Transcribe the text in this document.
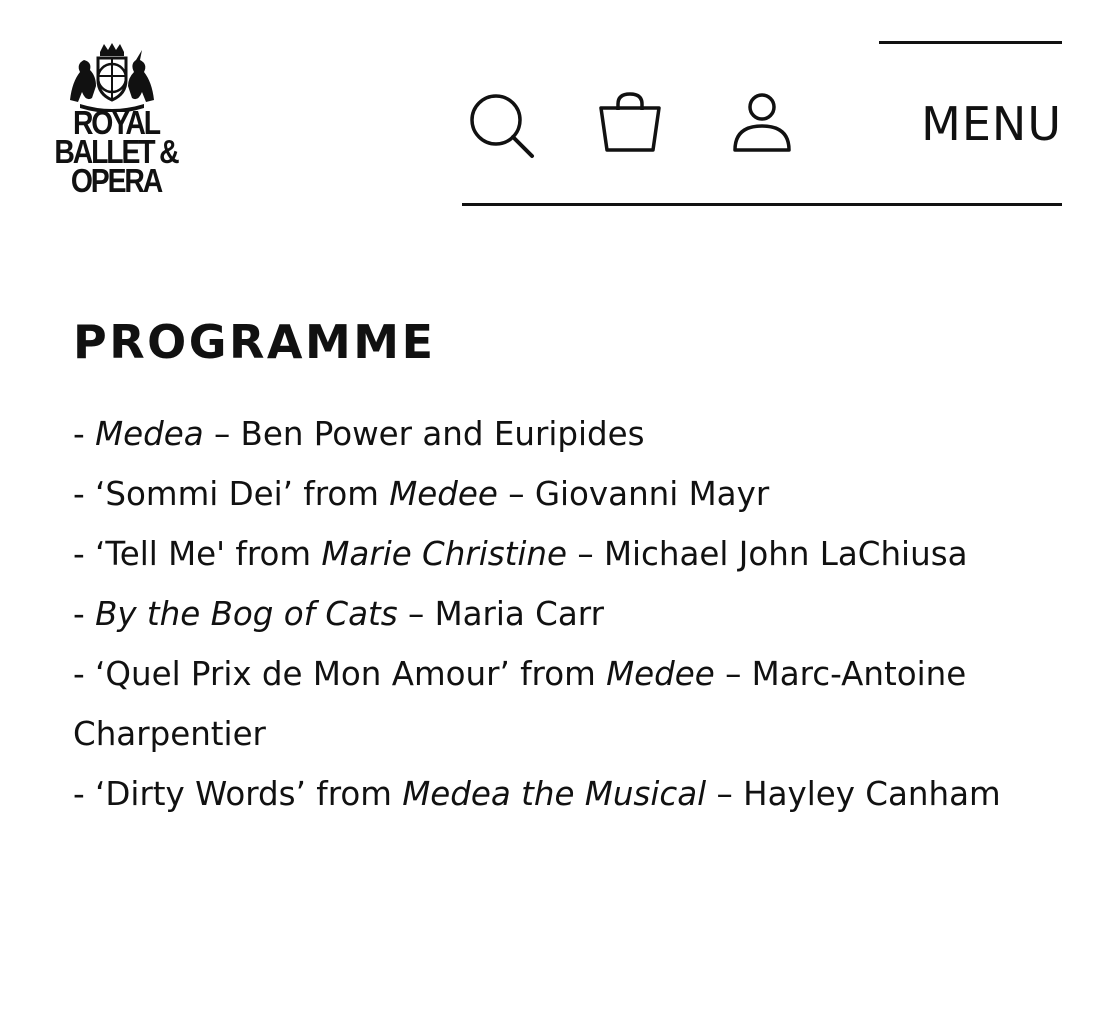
ROYAL
BALLET &
OPERA
MENU
PROGRAMME
- Medea – Ben Power and Euripides
- ‘Sommi Dei’ from Medee – Giovanni Mayr
- ‘Tell Me' from Marie Christine – Michael John LaChiusa
- By the Bog of Cats – Maria Carr
- ‘Quel Prix de Mon Amour’ from Medee – Marc-Antoine Charpentier
- ‘Dirty Words’ from Medea the Musical – Hayley Canham
